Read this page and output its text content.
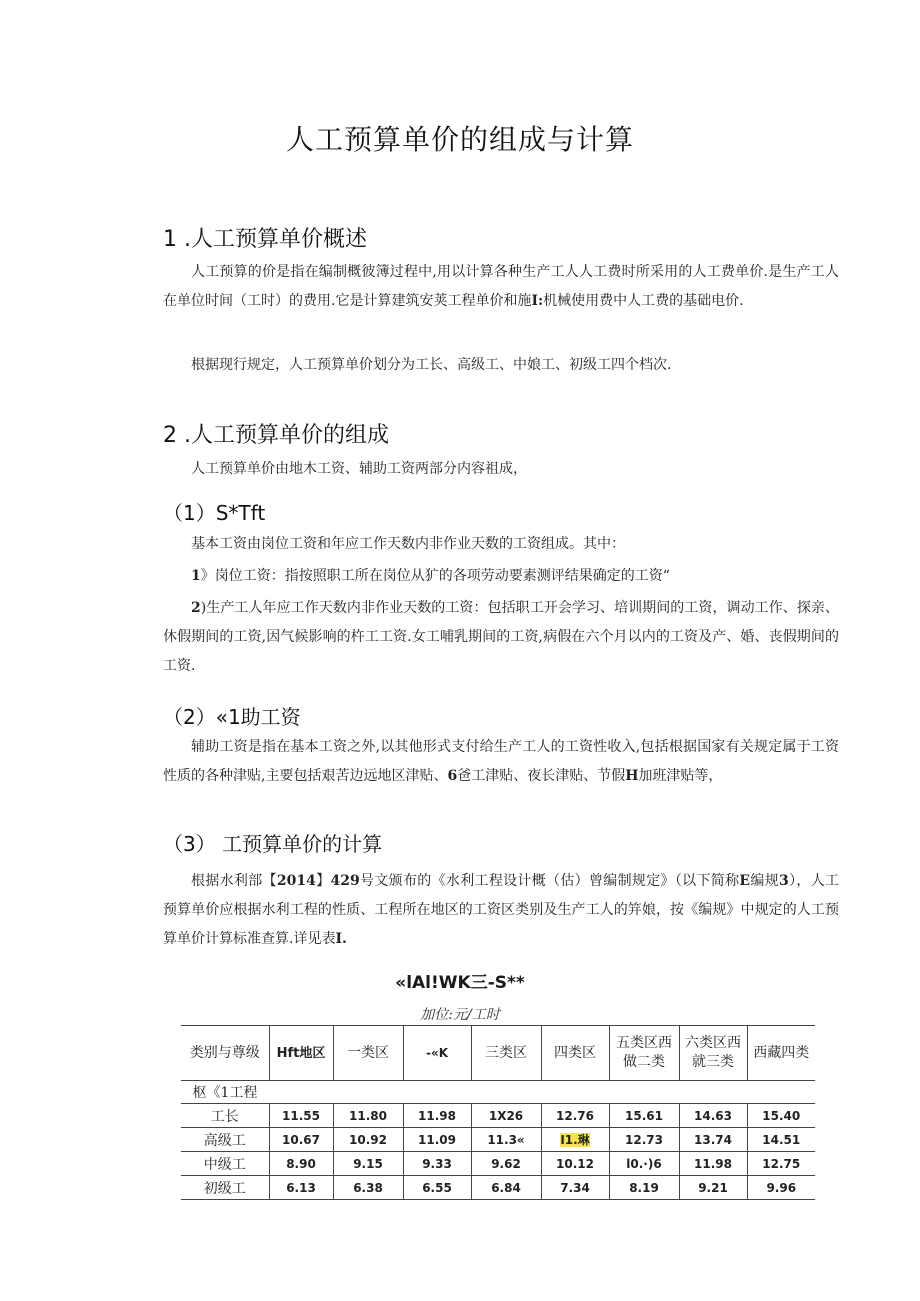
人工预算单价的组成与计算
1 .人工预算单价概述

人工预算的价是指在编制概彼簿过程中,用以计算各种生产工人人工费时所采用的人工费单价.是生产工人在单位时间（工时）的费用.它是计算建筑安荚工程单价和施I:机械使用费中人工费的基础电价.

根据现行规定，人工预算单价划分为工长、高级工、中娘工、初级工四个档次.

2 .人工预算单价的组成

人工预算单价由地木工资、辅助工资两部分内容祖成，

（1）S*Tft

基本工资由岗位工资和年应工作天数内非作业天数的工资组成。其中：

1》岗位工资：指按照职工所在岗位从犷的各项劳动要素测评结果确定的工资“

2)生产工人年应工作天数内非作业天数的工资：包括职工开会学习、培训期间的工资，调动工作、探亲、休假期间的工资,因气候影响的杵工工资.女工哺乳期间的工资,病假在六个月以内的工资及产、婚、丧假期间的工资.

（2）«1助工资

辅助工资是指在基本工资之外,以其他形式支付给生产工人的工资性收入,包括根据国家有关规定属于工资性质的各种津贴,主要包括艰苦边远地区津贴、6爸工津贴、夜长津贴、节假H加班津贴等，

（3） 工预算单价的计算

根据水利部【2014】429号文颁布的《水利工程设计概（估）曾编制规定》（以下简称E编规3），人工预算单价应根据水利工程的性质、工程所在地区的工资区类别及生产工人的笄娘，按《编规》中规定的人工预算单价计算标准查算.详见表I.

«lAl!WK三-S**
加位:元/工时
类别与尊级	Hft地区	一类区	-«K	三类区	四类区	五类区西做二类	六类区西就三类	西藏四类
枢《1工程								
工长	11.55	11.80	11.98	1X26	12.76	15.61	14.63	15.40
高级工	10.67	10.92	11.09	11.3«	I1.琳	12.73	13.74	14.51
中级工	8.90	9.15	9.33	9.62	10.12	l0.·)6	11.98	12.75
初级工	6.13	6.38	6.55	6.84	7.34	8.19	9.21	9.96
